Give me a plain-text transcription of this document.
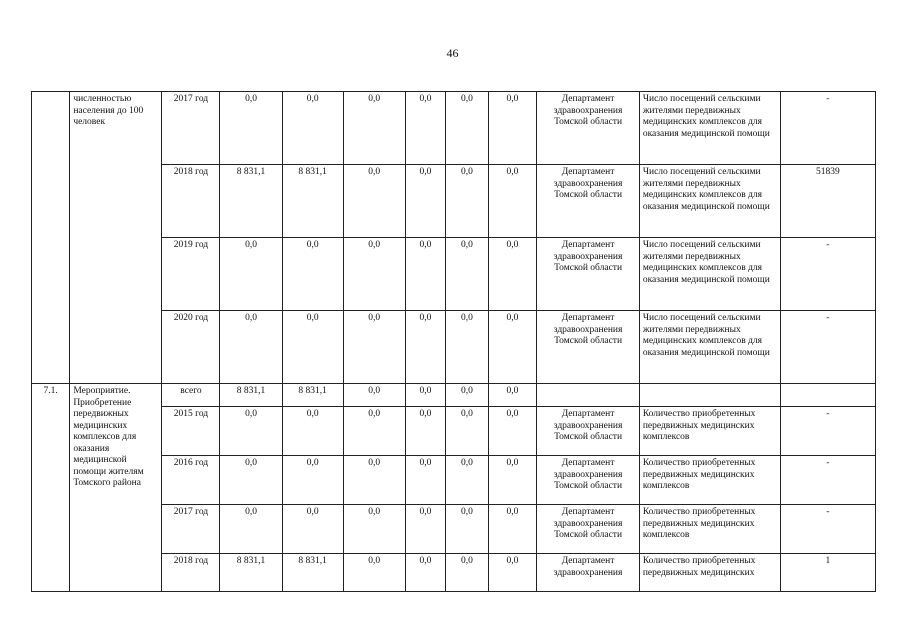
46
	численностью населения до 100 человек	2017 год	0,0	0,0	0,0	0,0	0,0	0,0	Департамент здравоохранения Томской области	Число посещений сельскими жителями передвижных медицинских комплексов для оказания медицинской помощи	-
		2018 год	8 831,1	8 831,1	0,0	0,0	0,0	0,0	Департамент здравоохранения Томской области	Число посещений сельскими жителями передвижных медицинских комплексов для оказания медицинской помощи	51839
		2019 год	0,0	0,0	0,0	0,0	0,0	0,0	Департамент здравоохранения Томской области	Число посещений сельскими жителями передвижных медицинских комплексов для оказания медицинской помощи	-
		2020 год	0,0	0,0	0,0	0,0	0,0	0,0	Департамент здравоохранения Томской области	Число посещений сельскими жителями передвижных медицинских комплексов для оказания медицинской помощи	-
7.1.	Мероприятие. Приобретение передвижных медицинских комплексов для оказания медицинской помощи жителям Томского района	всего	8 831,1	8 831,1	0,0	0,0	0,0	0,0			
		2015 год	0,0	0,0	0,0	0,0	0,0	0,0	Департамент здравоохранения Томской области	Количество приобретенных передвижных медицинских комплексов	-
		2016 год	0,0	0,0	0,0	0,0	0,0	0,0	Департамент здравоохранения Томской области	Количество приобретенных передвижных медицинских комплексов	-
		2017 год	0,0	0,0	0,0	0,0	0,0	0,0	Департамент здравоохранения Томской области	Количество приобретенных передвижных медицинских комплексов	-
		2018 год	8 831,1	8 831,1	0,0	0,0	0,0	0,0	Департамент здравоохранения	Количество приобретенных передвижных медицинских	1
